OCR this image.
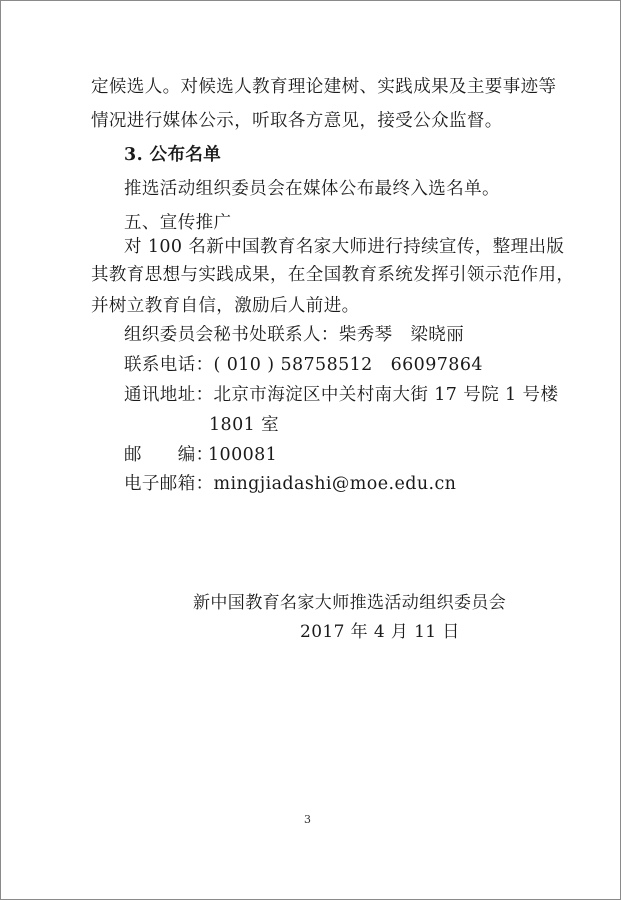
定候选人。对候选人教育理论建树、实践成果及主要事迹等
情况进行媒体公示，听取各方意见，接受公众监督。
3. 公布名单
推选活动组织委员会在媒体公布最终入选名单。
五、宣传推广
对 100 名新中国教育名家大师进行持续宣传，整理出版
其教育思想与实践成果，在全国教育系统发挥引领示范作用，
并树立教育自信，激励后人前进。
组织委员会秘书处联系人：柴秀琴　梁晓丽
联系电话：( 010 ) 58758512　66097864
通讯地址：北京市海淀区中关村南大街 17 号院 1 号楼
1801 室
邮　　编：100081
电子邮箱：mingjiadashi@moe.edu.cn
新中国教育名家大师推选活动组织委员会
2017 年 4 月 11 日
3
